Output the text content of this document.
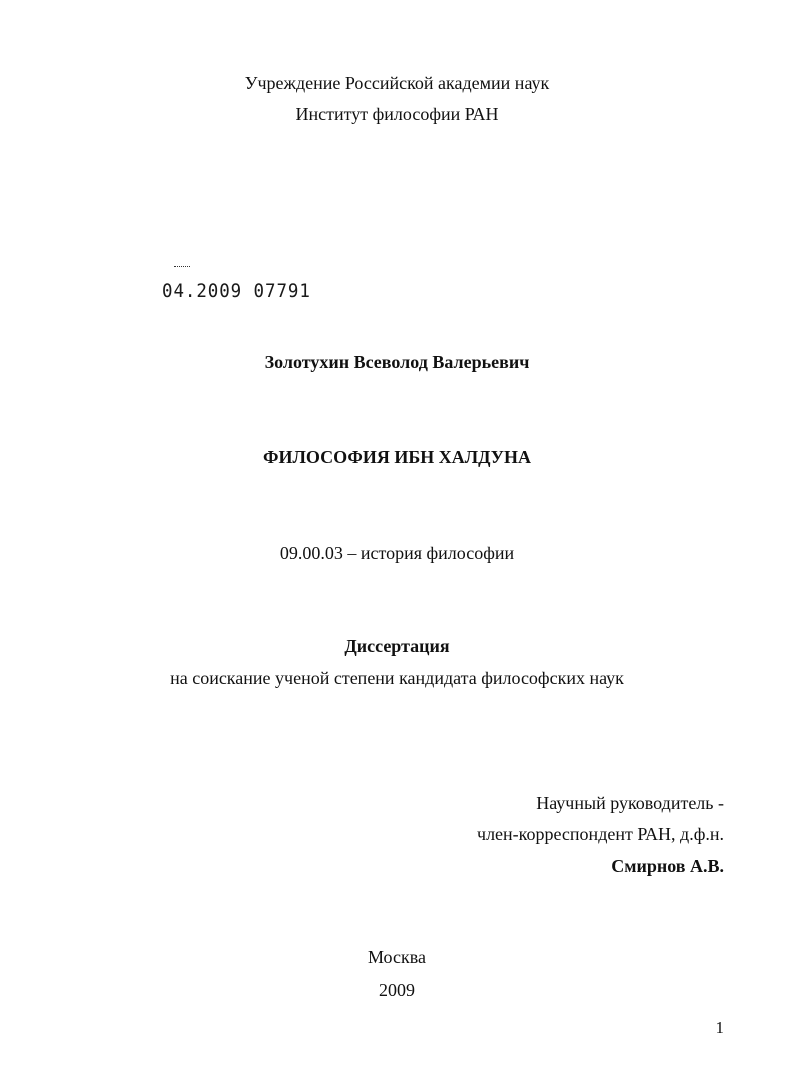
Учреждение Российской академии наук
Институт философии РАН
04.2009 07791
Золотухин Всеволод Валерьевич
ФИЛОСОФИЯ ИБН ХАЛДУНА
09.00.03 – история философии
Диссертация
на соискание ученой степени кандидата философских наук
Научный руководитель -
член-корреспондент РАН, д.ф.н.
Смирнов А.В.
Москва
2009
1
